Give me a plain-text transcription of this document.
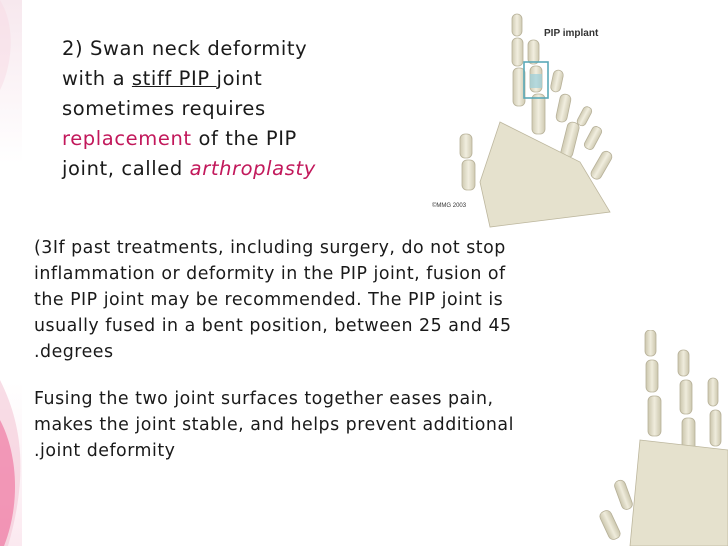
2) Swan neck deformity
with a stiff PIP joint
sometimes requires
replacement of the PIP
joint, called arthroplasty
PIP implant
©MMG 2003
(3If past treatments, including surgery, do not stop
inflammation or deformity in the PIP joint, fusion of
the PIP joint may be recommended. The PIP joint is
usually fused in a bent position, between 25 and 45
.degrees
Fusing the two joint surfaces together eases pain,
makes the joint stable, and helps prevent additional
.joint deformity
